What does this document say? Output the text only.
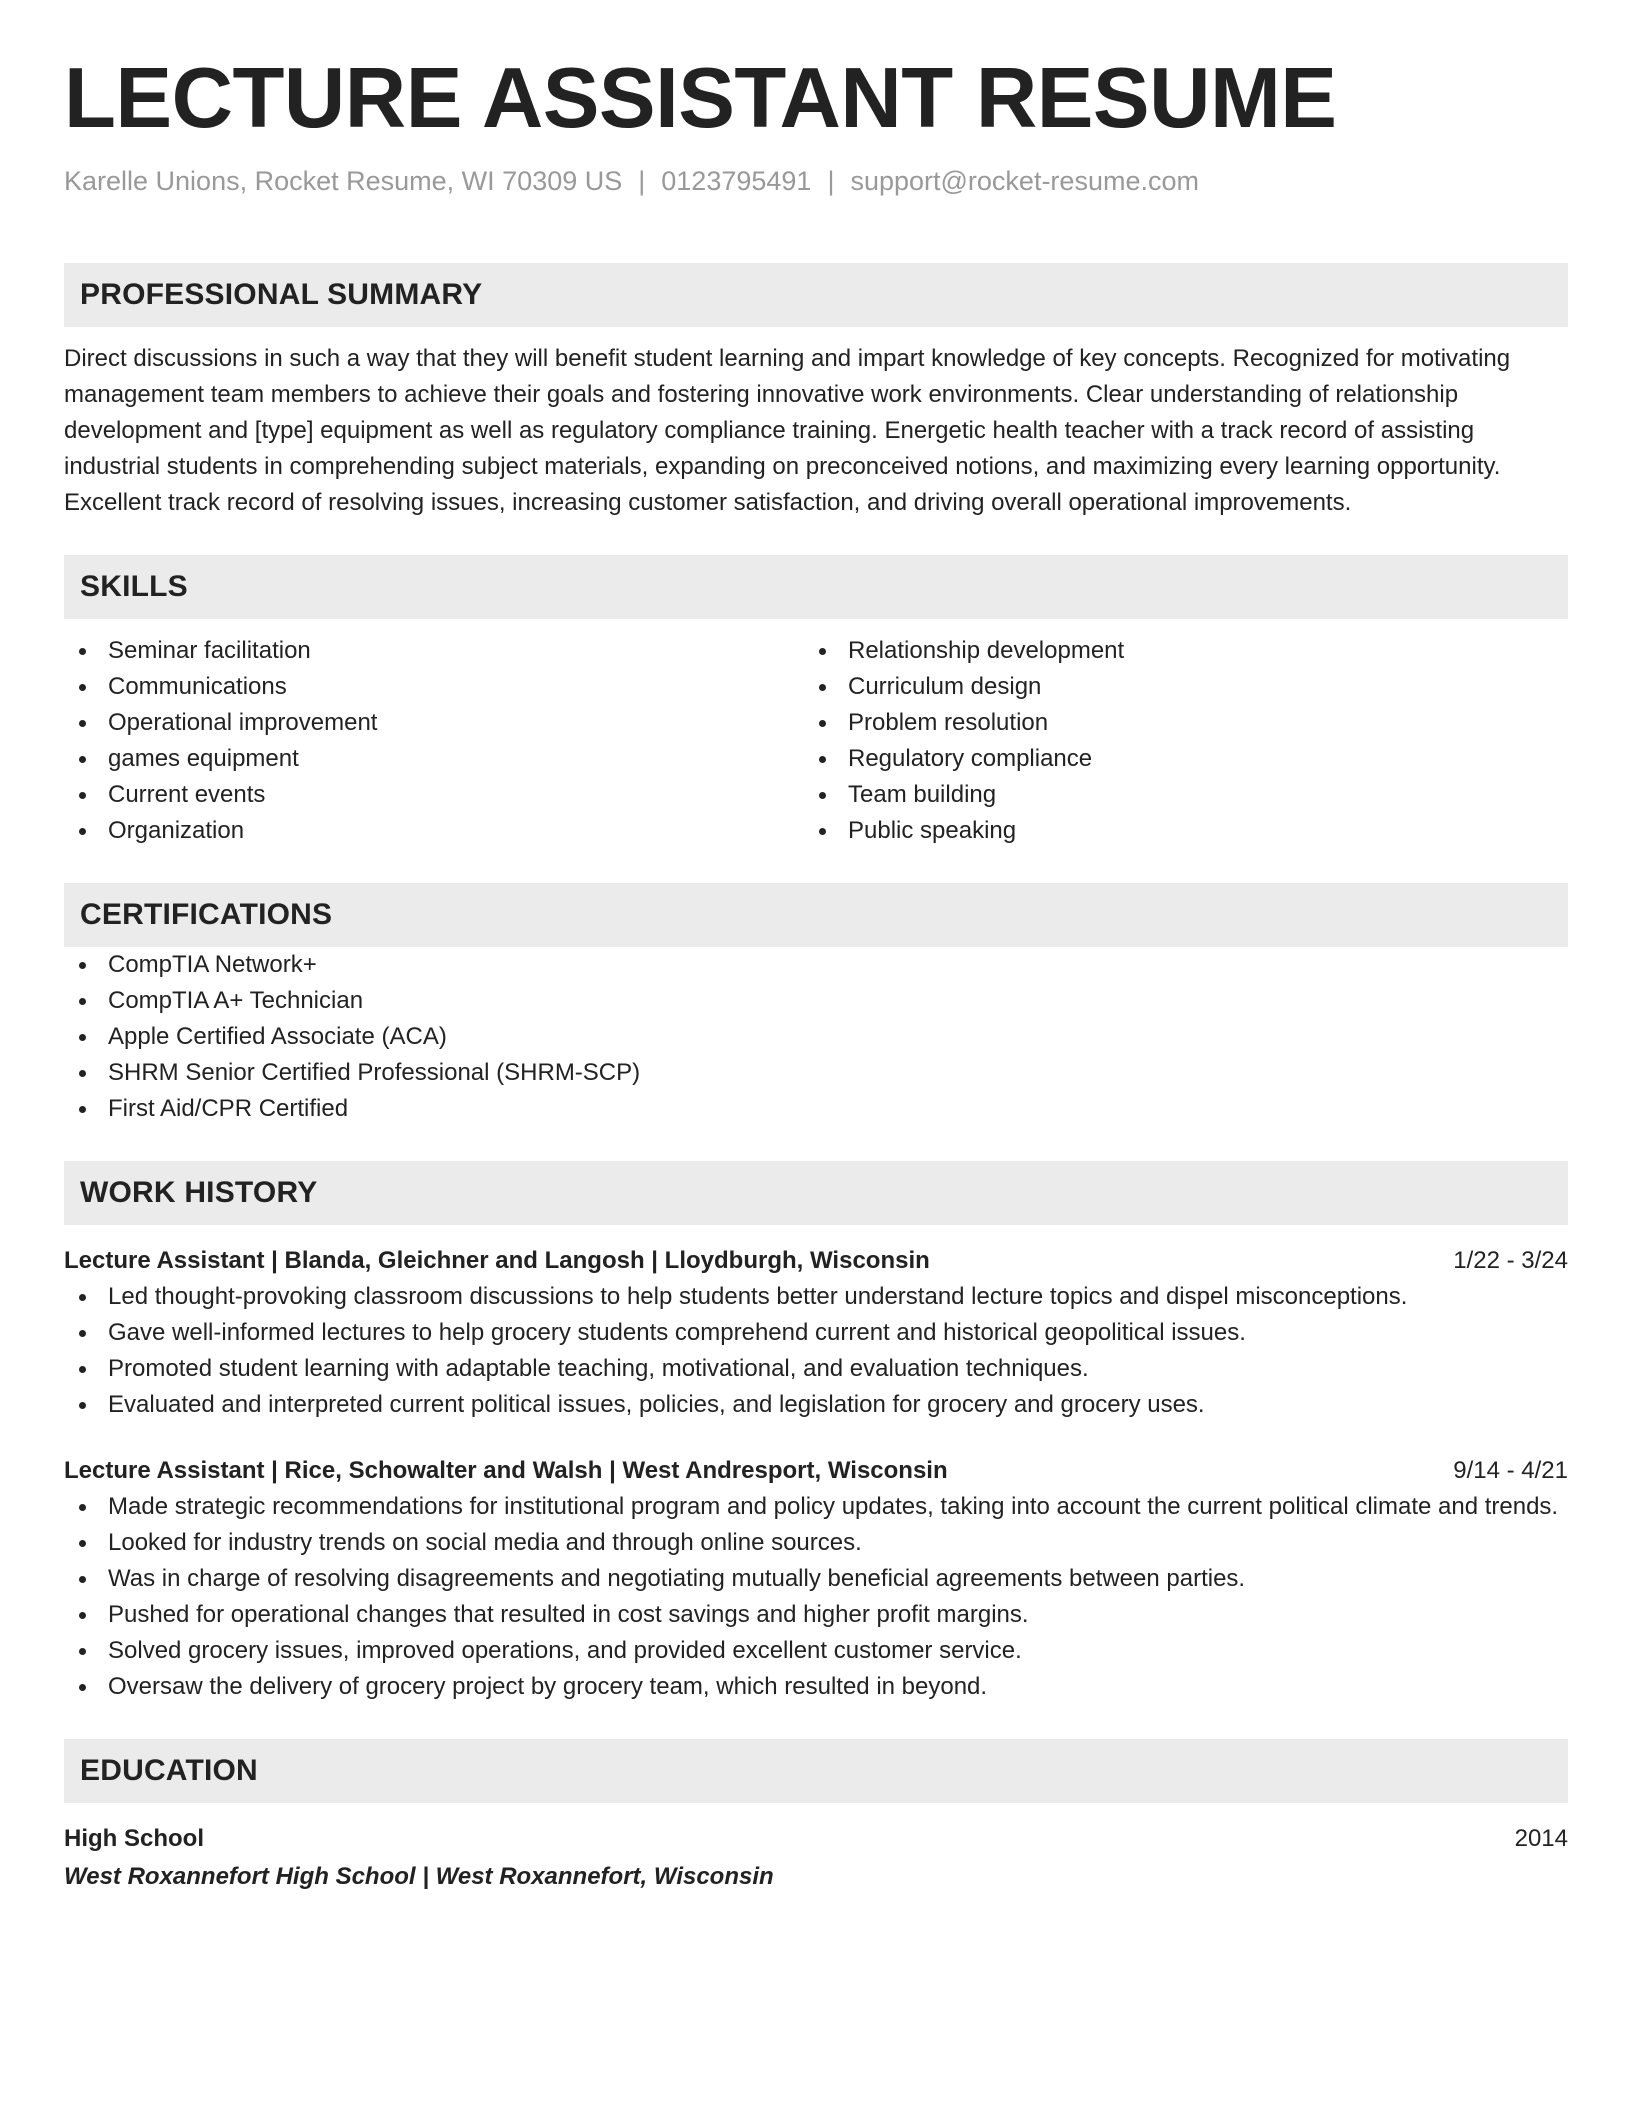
LECTURE ASSISTANT RESUME
Karelle Unions, Rocket Resume, WI 70309 US | 0123795491 | support@rocket-resume.com
PROFESSIONAL SUMMARY

Direct discussions in such a way that they will benefit student learning and impart knowledge of key concepts. Recognized for motivating management team members to achieve their goals and fostering innovative work environments. Clear understanding of relationship development and [type] equipment as well as regulatory compliance training. Energetic health teacher with a track record of assisting industrial students in comprehending subject materials, expanding on preconceived notions, and maximizing every learning opportunity. Excellent track record of resolving issues, increasing customer satisfaction, and driving overall operational improvements.

SKILLS
Seminar facilitation
Communications
Operational improvement
games equipment
Current events
Organization
Relationship development
Curriculum design
Problem resolution
Regulatory compliance
Team building
Public speaking
CERTIFICATIONS
CompTIA Network+
CompTIA A+ Technician
Apple Certified Associate (ACA)
SHRM Senior Certified Professional (SHRM-SCP)
First Aid/CPR Certified
WORK HISTORY
Lecture Assistant | Blanda, Gleichner and Langosh | Lloydburgh, Wisconsin	1/22 - 3/24
Led thought-provoking classroom discussions to help students better understand lecture topics and dispel misconceptions.
Gave well-informed lectures to help grocery students comprehend current and historical geopolitical issues.
Promoted student learning with adaptable teaching, motivational, and evaluation techniques.
Evaluated and interpreted current political issues, policies, and legislation for grocery and grocery uses.
Lecture Assistant | Rice, Schowalter and Walsh | West Andresport, Wisconsin	9/14 - 4/21
Made strategic recommendations for institutional program and policy updates, taking into account the current political climate and trends.
Looked for industry trends on social media and through online sources.
Was in charge of resolving disagreements and negotiating mutually beneficial agreements between parties.
Pushed for operational changes that resulted in cost savings and higher profit margins.
Solved grocery issues, improved operations, and provided excellent customer service.
Oversaw the delivery of grocery project by grocery team, which resulted in beyond.
EDUCATION
High School	2014
West Roxannefort High School | West Roxannefort, Wisconsin
